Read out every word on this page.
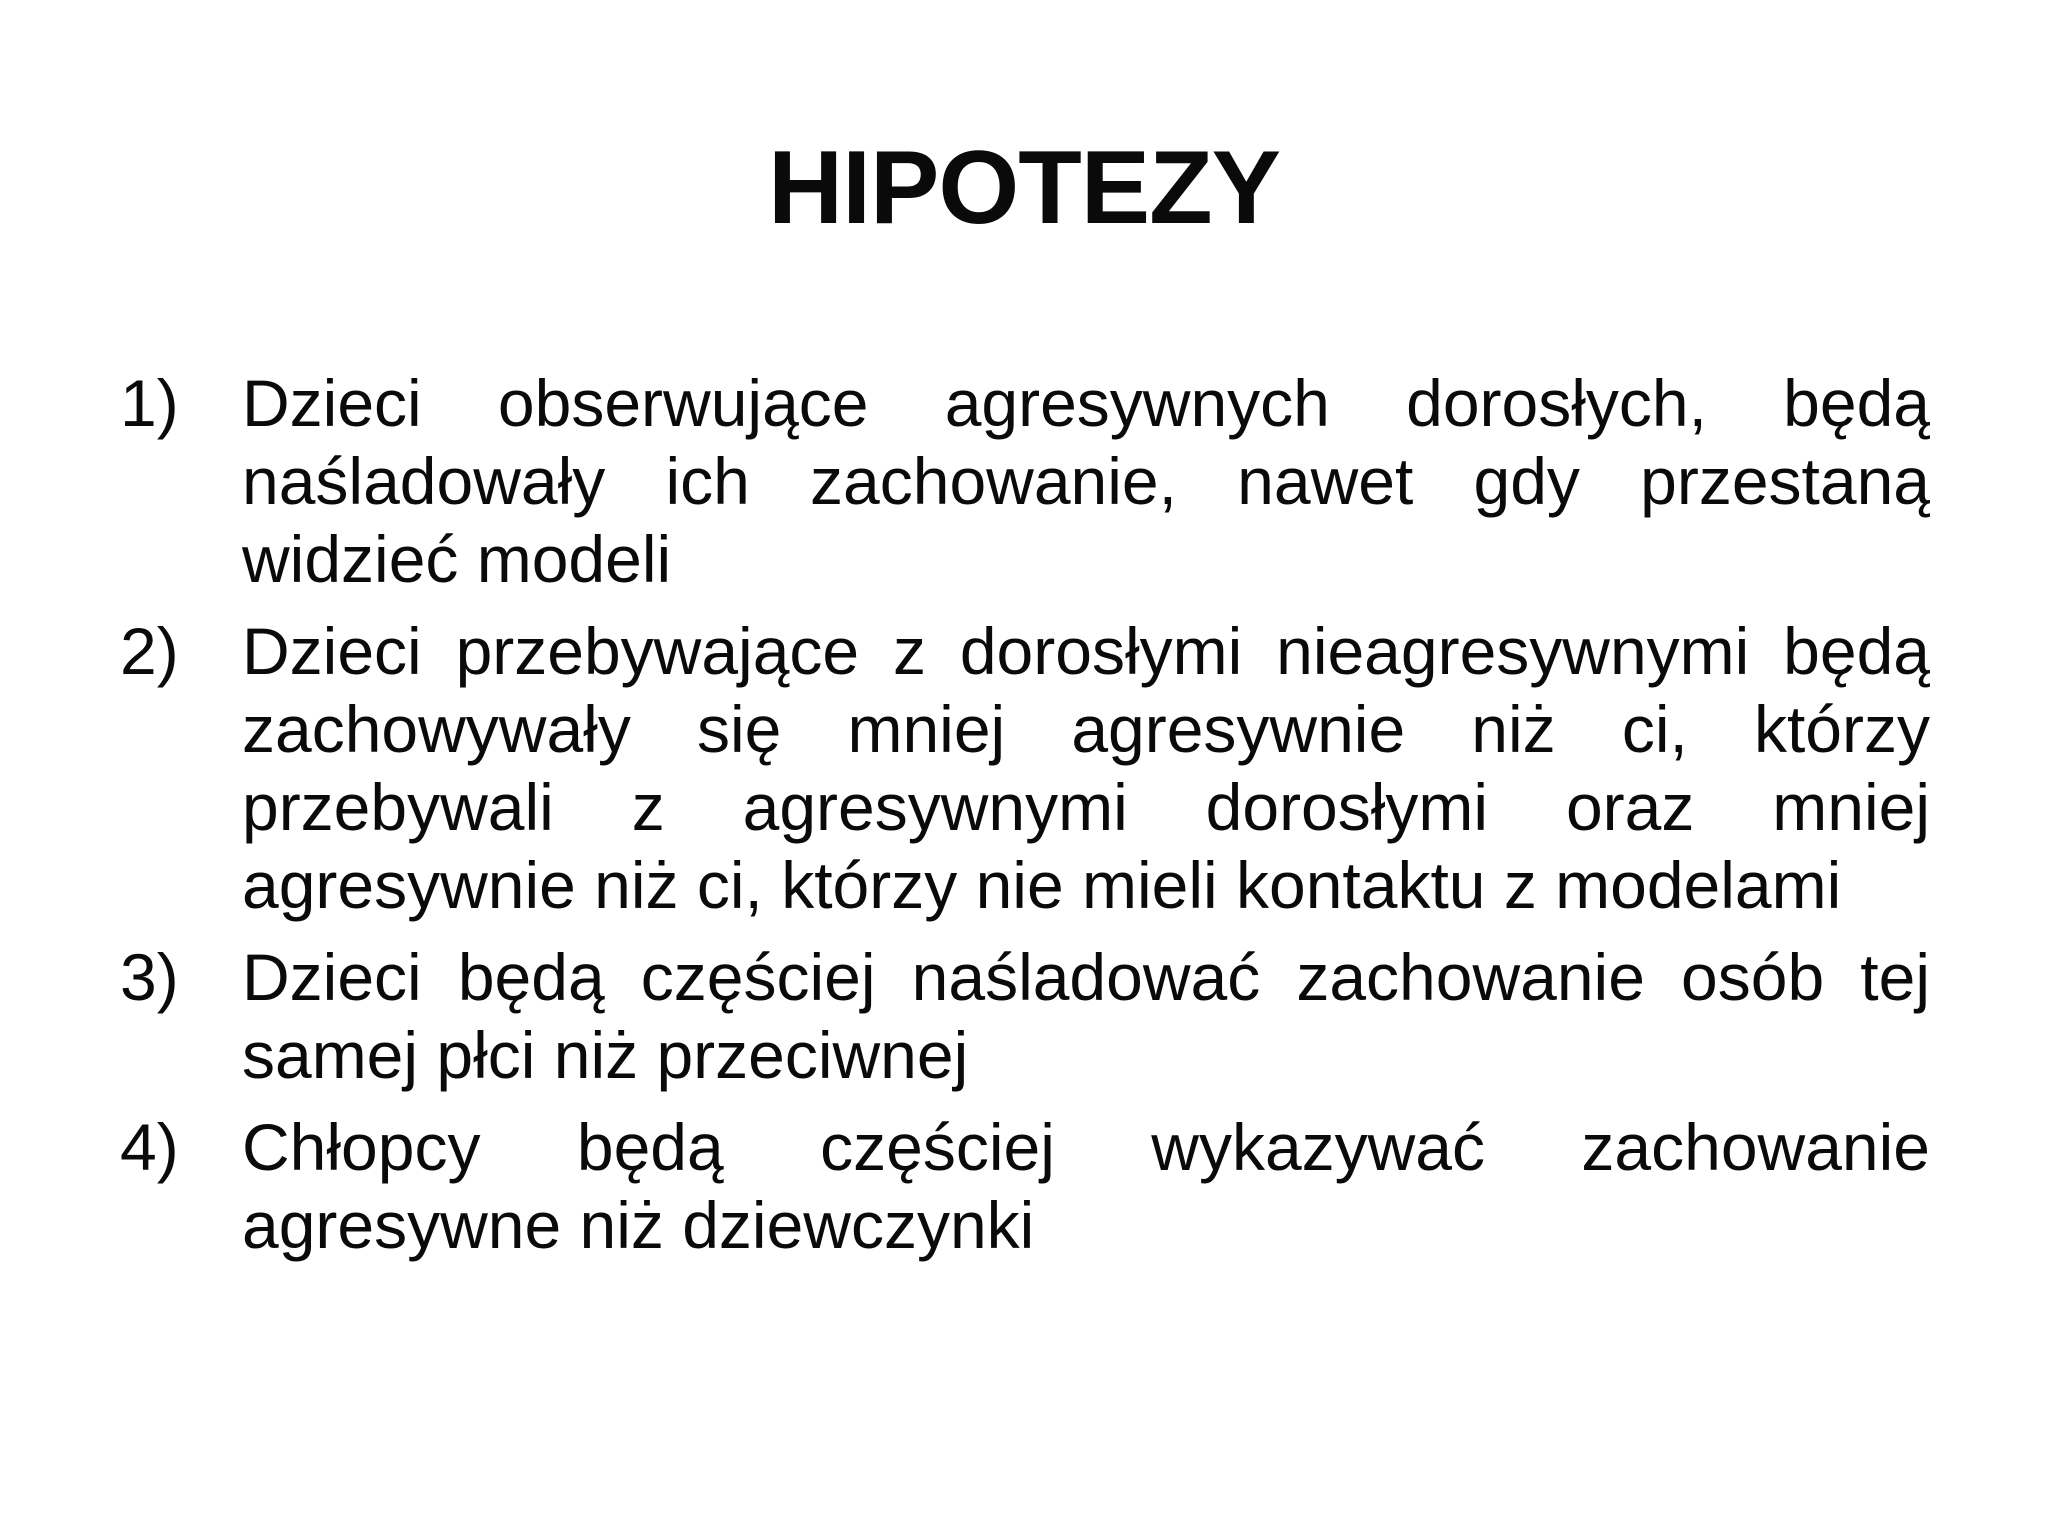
HIPOTEZY
1) Dzieci obserwujące agresywnych dorosłych, będą naśladowały ich zachowanie, nawet gdy przestaną widzieć modeli
2) Dzieci przebywające z dorosłymi nieagresywnymi będą zachowywały się mniej agresywnie niż ci, którzy przebywali z agresywnymi dorosłymi oraz mniej agresywnie niż ci, którzy nie mieli kontaktu z modelami
3) Dzieci będą częściej naśladować zachowanie osób tej samej płci niż przeciwnej
4) Chłopcy będą częściej wykazywać zachowanie agresywne niż dziewczynki
